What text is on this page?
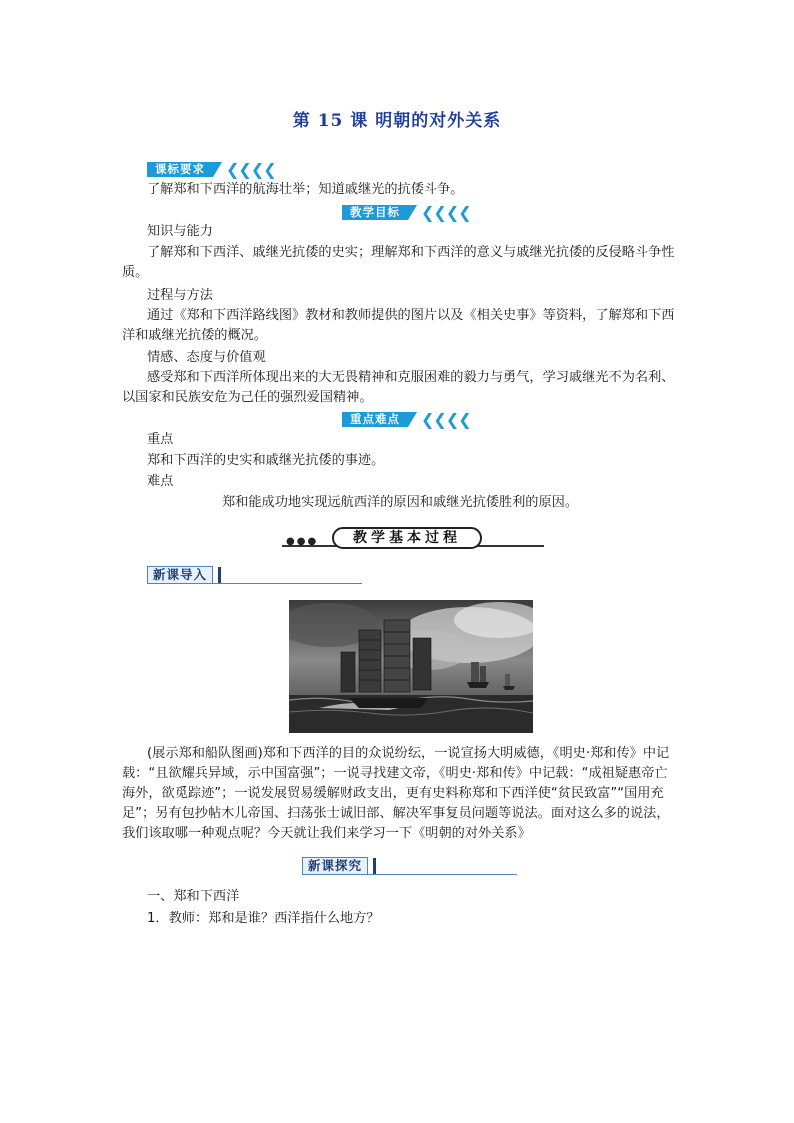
第 15 课 明朝的对外关系
课标要求	❮❮❮❮
了解郑和下西洋的航海壮举；知道戚继光的抗倭斗争。
教学目标	❮❮❮❮
知识与能力
了解郑和下西洋、戚继光抗倭的史实；理解郑和下西洋的意义与戚继光抗倭的反侵略斗争性质。
过程与方法
通过《郑和下西洋路线图》教材和教师提供的图片以及《相关史事》等资料，了解郑和下西洋和戚继光抗倭的概况。
情感、态度与价值观
感受郑和下西洋所体现出来的大无畏精神和克服困难的毅力与勇气，学习戚继光不为名利、以国家和民族安危为己任的强烈爱国精神。
重点难点	❮❮❮❮
重点
郑和下西洋的史实和戚继光抗倭的事迹。
难点
郑和能成功地实现远航西洋的原因和戚继光抗倭胜利的原因。
●●●	教学基本过程
新课导入
(展示郑和船队图画)郑和下西洋的目的众说纷纭，一说宣扬大明威德，《明史·郑和传》中记载：“且欲耀兵异域，示中国富强”；一说寻找建文帝，《明史·郑和传》中记载：“成祖疑惠帝亡海外，欲觅踪迹”；一说发展贸易缓解财政支出，更有史料称郑和下西洋使“贫民致富”“国用充足”；另有包抄帖木儿帝国、扫荡张士诚旧部、解决军事复员问题等说法。面对这么多的说法，我们该取哪一种观点呢？今天就让我们来学习一下《明朝的对外关系》
新课探究
一、郑和下西洋
1．教师：郑和是谁？西洋指什么地方？
